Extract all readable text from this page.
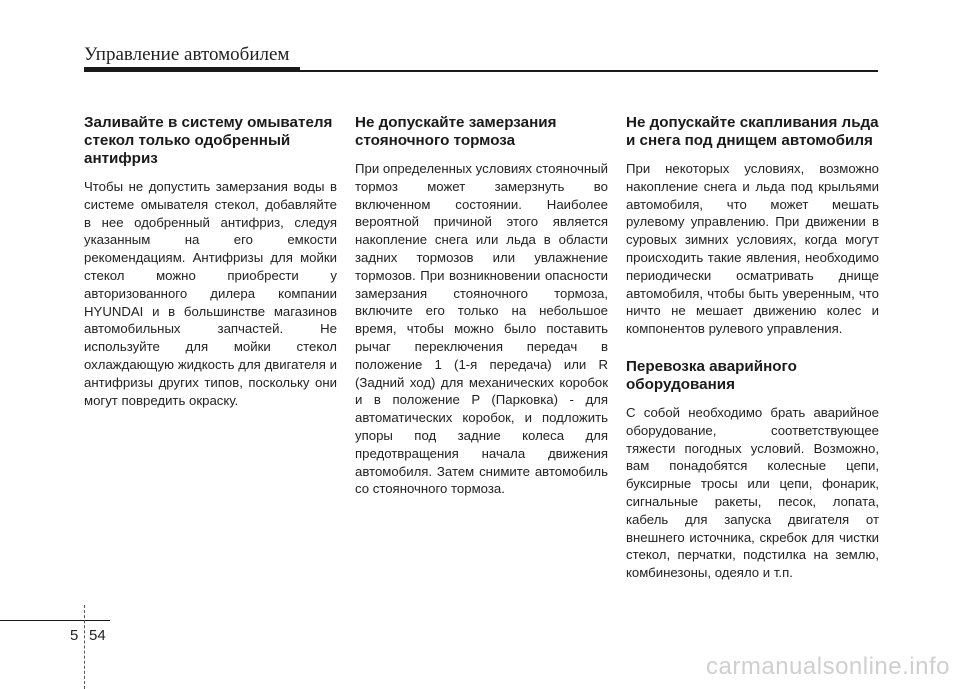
Управление автомобилем
Заливайте в систему омывателя стекол только одобренный антифриз

Чтобы не допустить замерзания воды в системе омывателя стекол, добавляйте в нее одобренный антифриз, следуя указанным на его емкости рекомендациям. Антифризы для мойки стекол можно приобрести у авторизованного дилера компании HYUNDAI и в большинстве магазинов автомобильных запчастей. Не используйте для мойки стекол охлаждающую жидкость для двигателя и антифризы других типов, поскольку они могут повредить окраску.

Не допускайте замерзания стояночного тормоза

При определенных условиях стояночный тормоз может замерзнуть во включенном состоянии. Наиболее вероятной причиной этого является накопление снега или льда в области задних тормозов или увлажнение тормозов. При возникновении опасности замерзания стояночного тормоза, включите его только на небольшое время, чтобы можно было поставить рычаг переключения передач в положение 1 (1-я передача) или R (Задний ход) для механических коробок и в положение P (Парковка) - для автоматических коробок, и подложить упоры под задние колеса для предотвращения начала движения автомобиля. Затем снимите автомобиль со стояночного тормоза.

Не допускайте скапливания льда и снега под днищем автомобиля

При некоторых условиях, возможно накопление снега и льда под крыльями автомобиля, что может мешать рулевому управлению. При движении в суровых зимних условиях, когда могут происходить такие явления, необходимо периодически осматривать днище автомобиля, чтобы быть уверенным, что ничто не мешает движению колес и компонентов рулевого управления.

Перевозка аварийного оборудования

С собой необходимо брать аварийное оборудование, соответствующее тяжести погодных условий. Возможно, вам понадобятся колесные цепи, буксирные тросы или цепи, фонарик, сигнальные ракеты, песок, лопата, кабель для запуска двигателя от внешнего источника, скребок для чистки стекол, перчатки, подстилка на землю, комбинезоны, одеяло и т.п.

5 54
carmanualsonline.info
